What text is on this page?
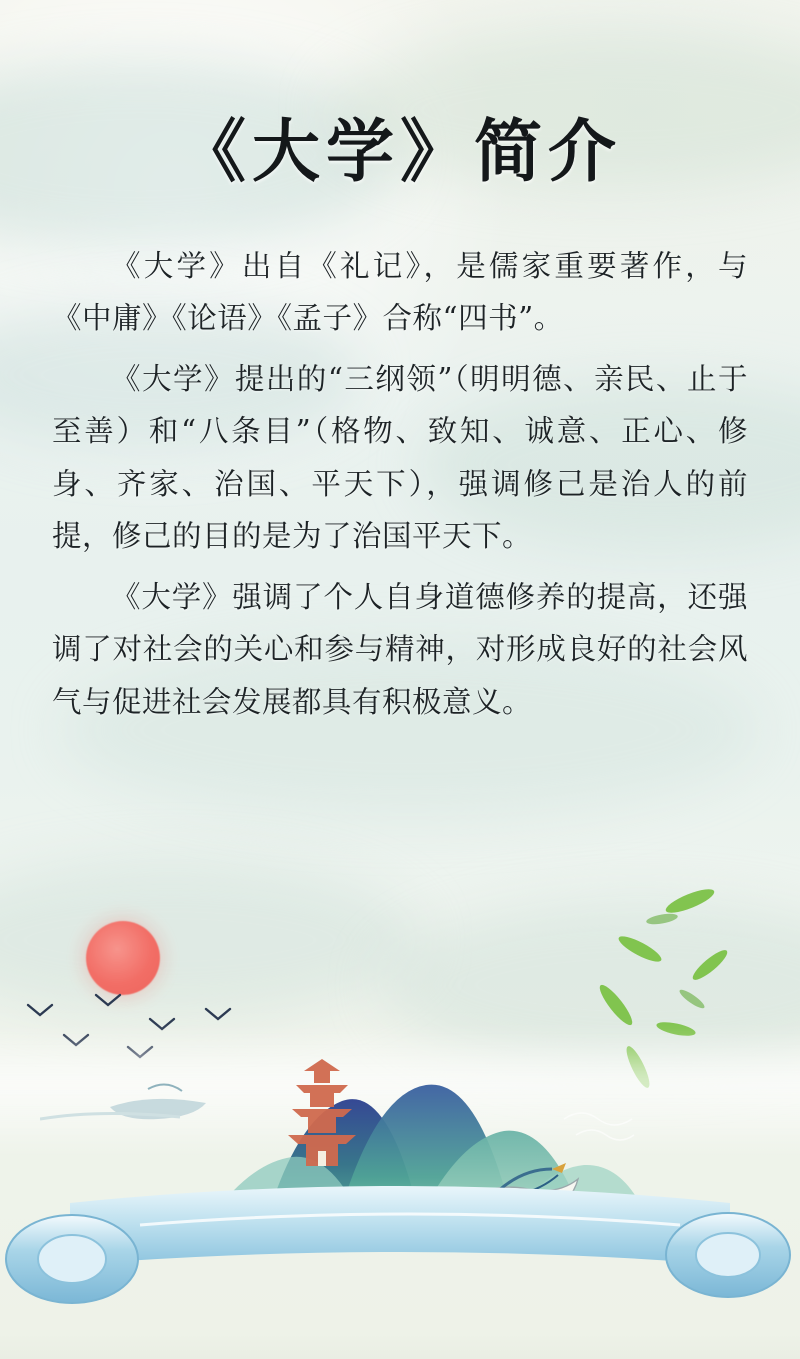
《大学》简介

《大学》出自《礼记》，是儒家重要著作，与《中庸》《论语》《孟子》合称“四书”。

《大学》提出的“三纲领”（明明德、亲民、止于至善）和“八条目”（格物、致知、诚意、正心、修身、齐家、治国、平天下），强调修己是治人的前提，修己的目的是为了治国平天下。

《大学》强调了个人自身道德修养的提高，还强调了对社会的关心和参与精神，对形成良好的社会风气与促进社会发展都具有积极意义。
